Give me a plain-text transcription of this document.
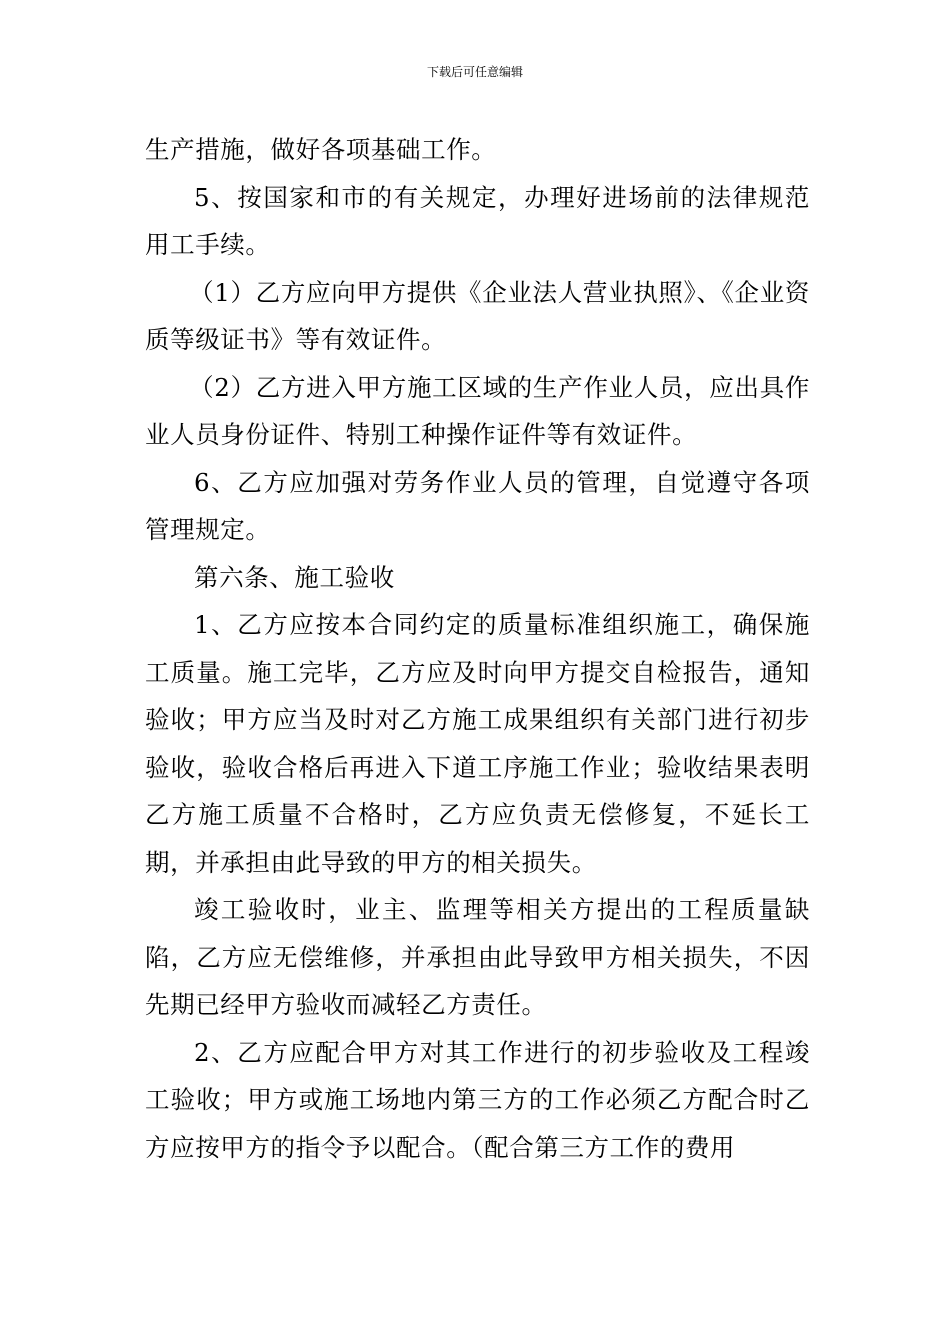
下载后可任意编辑

生产措施，做好各项基础工作。

5、按国家和市的有关规定，办理好进场前的法律规范用工手续。

（1）乙方应向甲方提供《企业法人营业执照》、《企业资质等级证书》等有效证件。

（2）乙方进入甲方施工区域的生产作业人员，应出具作业人员身份证件、特别工种操作证件等有效证件。

6、乙方应加强对劳务作业人员的管理，自觉遵守各项管理规定。

第六条、施工验收

1、乙方应按本合同约定的质量标准组织施工，确保施工质量。施工完毕，乙方应及时向甲方提交自检报告，通知验收；甲方应当及时对乙方施工成果组织有关部门进行初步验收，验收合格后再进入下道工序施工作业；验收结果表明乙方施工质量不合格时，乙方应负责无偿修复，不延长工期，并承担由此导致的甲方的相关损失。

竣工验收时，业主、监理等相关方提出的工程质量缺陷，乙方应无偿维修，并承担由此导致甲方相关损失，不因先期已经甲方验收而减轻乙方责任。

2、乙方应配合甲方对其工作进行的初步验收及工程竣工验收；甲方或施工场地内第三方的工作必须乙方配合时乙方应按甲方的指令予以配合。（配合第三方工作的费用
